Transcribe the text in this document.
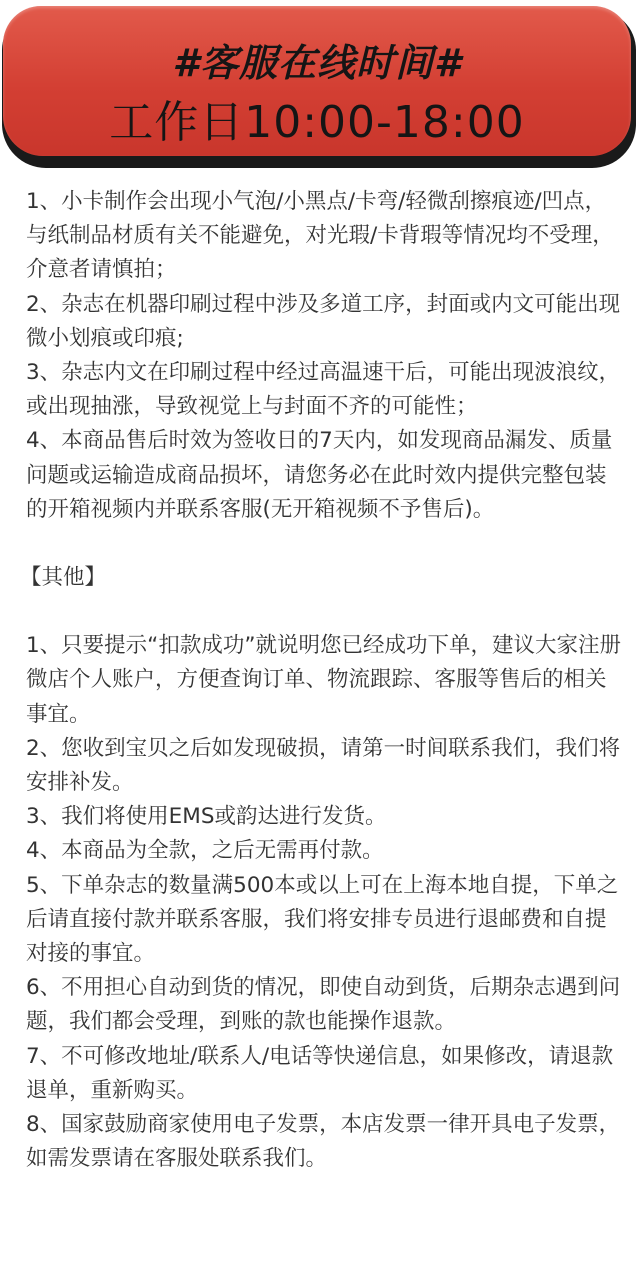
#客服在线时间#
工作日10:00-18:00

1、小卡制作会出现小气泡/小黑点/卡弯/轻微刮擦痕迹/凹点，与纸制品材质有关不能避免，对光瑕/卡背瑕等情况均不受理，介意者请慎拍；

2、杂志在机器印刷过程中涉及多道工序，封面或内文可能出现微小划痕或印痕;

3、杂志内文在印刷过程中经过高温速干后，可能出现波浪纹，或出现抽涨，导致视觉上与封面不齐的可能性；

4、本商品售后时效为签收日的7天内，如发现商品漏发、质量问题或运输造成商品损坏，请您务必在此时效内提供完整包装的开箱视频内并联系客服(无开箱视频不予售后)。

【其他】

1、只要提示“扣款成功”就说明您已经成功下单，建议大家注册微店个人账户，方便查询订单、物流跟踪、客服等售后的相关事宜。

2、您收到宝贝之后如发现破损，请第一时间联系我们，我们将安排补发。

3、我们将使用EMS或韵达进行发货。

4、本商品为全款，之后无需再付款。

5、下单杂志的数量满500本或以上可在上海本地自提，下单之后请直接付款并联系客服，我们将安排专员进行退邮费和自提对接的事宜。

6、不用担心自动到货的情况，即使自动到货，后期杂志遇到问题，我们都会受理，到账的款也能操作退款。

7、不可修改地址/联系人/电话等快递信息，如果修改，请退款退单，重新购买。

8、国家鼓励商家使用电子发票，本店发票一律开具电子发票，如需发票请在客服处联系我们。
